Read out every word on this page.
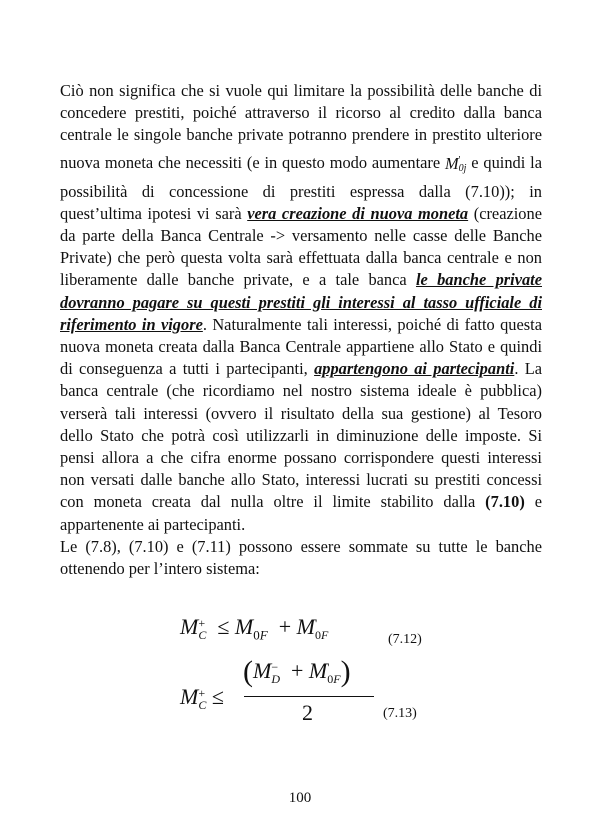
Ciò non significa che si vuole qui limitare la possibilità delle banche di concedere prestiti, poiché attraverso il ricorso al credito dalla banca centrale le singole banche private potranno prendere in prestito ulteriore nuova moneta che necessiti (e in questo modo aumentare M '
0j e quindi la possibilità di concessione di prestiti espressa dalla (7.10)); in quest’ultima ipotesi vi sarà vera creazione di nuova moneta (creazione da parte della Banca Centrale -> versamento nelle casse delle Banche Private) che però questa volta sarà effettuata dalla banca centrale e non liberamente dalle banche private, e a tale banca le banche private dovranno pagare su questi prestiti gli interessi al tasso ufficiale di riferimento in vigore. Naturalmente tali interessi, poiché di fatto questa nuova moneta creata dalla Banca Centrale appartiene allo Stato e quindi di conseguenza a tutti i partecipanti, appartengono ai partecipanti. La banca centrale (che ricordiamo nel nostro sistema ideale è pubblica) verserà tali interessi (ovvero il risultato della sua gestione) al Tesoro dello Stato che potrà così utilizzarli in diminuzione delle imposte. Si pensi allora a che cifra enorme possano corrispondere questi interessi non versati dalle banche allo Stato, interessi lucrati su prestiti concessi con moneta creata dal nulla oltre il limite stabilito dalla (7.10) e appartenente ai partecipanti.

Le (7.8), (7.10) e (7.11) possono essere sommate su tutte le banche ottenendo per l’intero sistema:

M +
$C \le M_{0F} + M$ '
0F	(7.12)
M +
C ≤
(M −
D + M '
0F )
2	(7.13)
100
